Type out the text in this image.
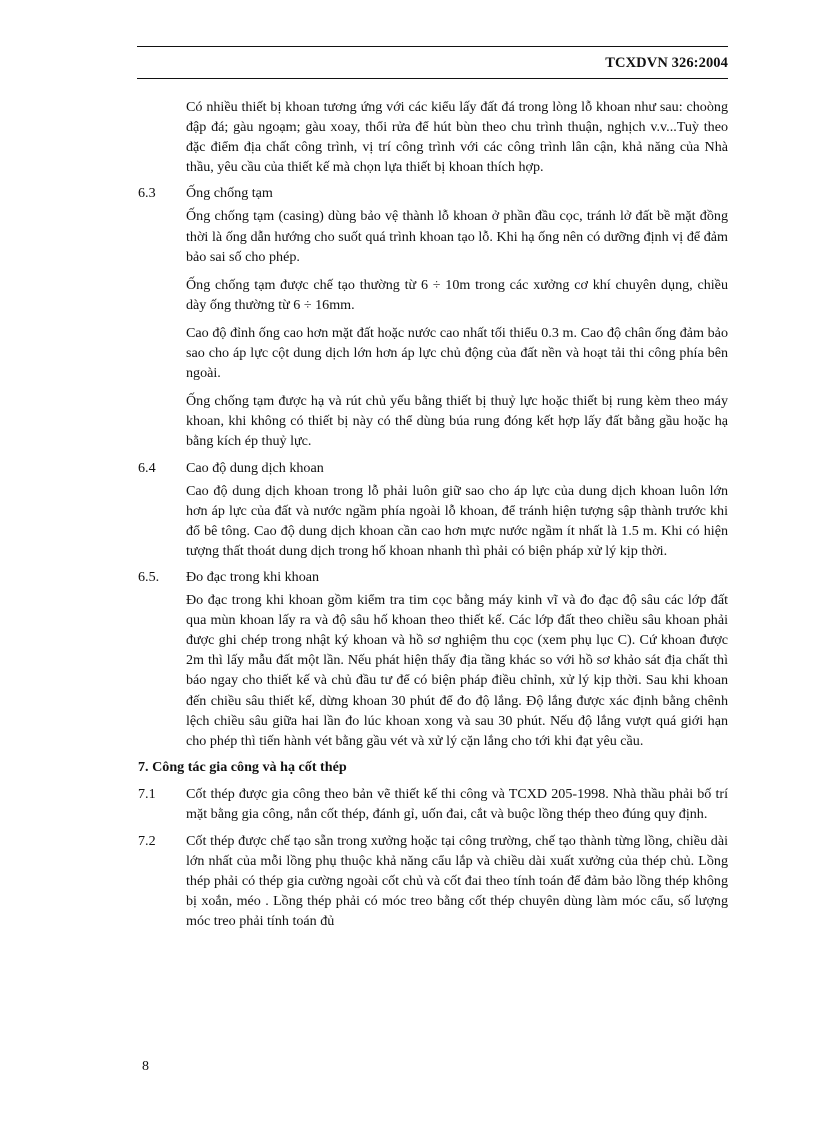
TCXDVN 326:2004

Có nhiều thiết bị khoan tương ứng với các kiểu lấy đất đá trong lòng lỗ khoan như sau: choòng đập đá; gàu ngoạm; gàu xoay, thổi rửa để hút bùn theo chu trình thuận, nghịch v.v...Tuỳ theo đặc điểm địa chất công trình, vị trí công trình với các công trình lân cận, khả năng của Nhà thầu, yêu cầu của thiết kế mà chọn lựa thiết bị khoan thích hợp.

6.3	Ống chống tạm

Ống chống tạm (casing) dùng bảo vệ thành lỗ khoan ở phần đầu cọc, tránh lở đất bề mặt đồng thời là ống dẫn hướng cho suốt quá trình khoan tạo lỗ. Khi hạ ống nên có dưỡng định vị để đảm bảo sai số cho phép.

Ống chống tạm được chế tạo thường từ 6 ÷ 10m trong các xưởng cơ khí chuyên dụng, chiều dày ống thường từ 6 ÷ 16mm.

Cao độ đỉnh ống cao hơn mặt đất hoặc nước cao nhất tối thiểu 0.3 m. Cao độ chân ống đảm bảo sao cho áp lực cột dung dịch lớn hơn áp lực chủ động của đất nền và hoạt tải thi công phía bên ngoài.

Ống chống tạm được hạ và rút chủ yếu bằng thiết bị thuỷ lực hoặc thiết bị rung kèm theo máy khoan, khi không có thiết bị này có thể dùng búa rung đóng kết hợp lấy đất bằng gầu hoặc hạ bằng kích ép thuỷ lực.

6.4	Cao độ dung dịch khoan

Cao độ dung dịch khoan trong lỗ phải luôn giữ sao cho áp lực của dung dịch khoan luôn lớn hơn áp lực của đất và nước ngầm phía ngoài lỗ khoan, để tránh hiện tượng sập thành trước khi đổ bê tông. Cao độ dung dịch khoan cần cao hơn mực nước ngầm ít nhất là 1.5 m. Khi có hiện tượng thất thoát dung dịch trong hố khoan nhanh thì phải có biện pháp xử lý kịp thời.

6.5.	Đo đạc trong khi khoan

Đo đạc trong khi khoan gồm kiểm tra tim cọc bằng máy kinh vĩ và đo đạc độ sâu các lớp đất qua mùn khoan lấy ra và độ sâu hố khoan theo thiết kế. Các lớp đất theo chiều sâu khoan phải được ghi chép trong nhật ký khoan và hồ sơ nghiệm thu cọc (xem phụ lục C). Cứ khoan được 2m thì lấy mẫu đất một lần. Nếu phát hiện thấy địa tầng khác so với hồ sơ khảo sát địa chất thì báo ngay cho thiết kế và chủ đầu tư để có biện pháp điều chỉnh, xử lý kịp thời. Sau khi khoan đến chiều sâu thiết kế, dừng khoan 30 phút để đo độ lắng. Độ lắng được xác định bằng chênh lệch chiều sâu giữa hai lần đo lúc khoan xong và sau 30 phút. Nếu độ lắng vượt quá giới hạn cho phép thì tiến hành vét bằng gầu vét và xử lý cặn lắng cho tới khi đạt yêu cầu.

7. Công tác gia công và hạ cốt thép
7.1	Cốt thép được gia công theo bản vẽ thiết kế thi công và TCXD 205-1998. Nhà thầu phải bố trí mặt bằng gia công, nắn cốt thép, đánh gỉ, uốn đai, cắt và buộc lồng thép theo đúng quy định.

7.2	Cốt thép được chế tạo sẵn trong xưởng hoặc tại công trường, chế tạo thành từng lồng, chiều dài lớn nhất của mỗi lồng phụ thuộc khả năng cẩu lắp và chiều dài xuất xưởng của thép chủ. Lồng thép phải có thép gia cường ngoài cốt chủ và cốt đai theo tính toán để đảm bảo lồng thép không bị xoắn, méo . Lồng thép phải có móc treo bằng cốt thép chuyên dùng làm móc cẩu, số lượng móc treo phải tính toán đủ

8
